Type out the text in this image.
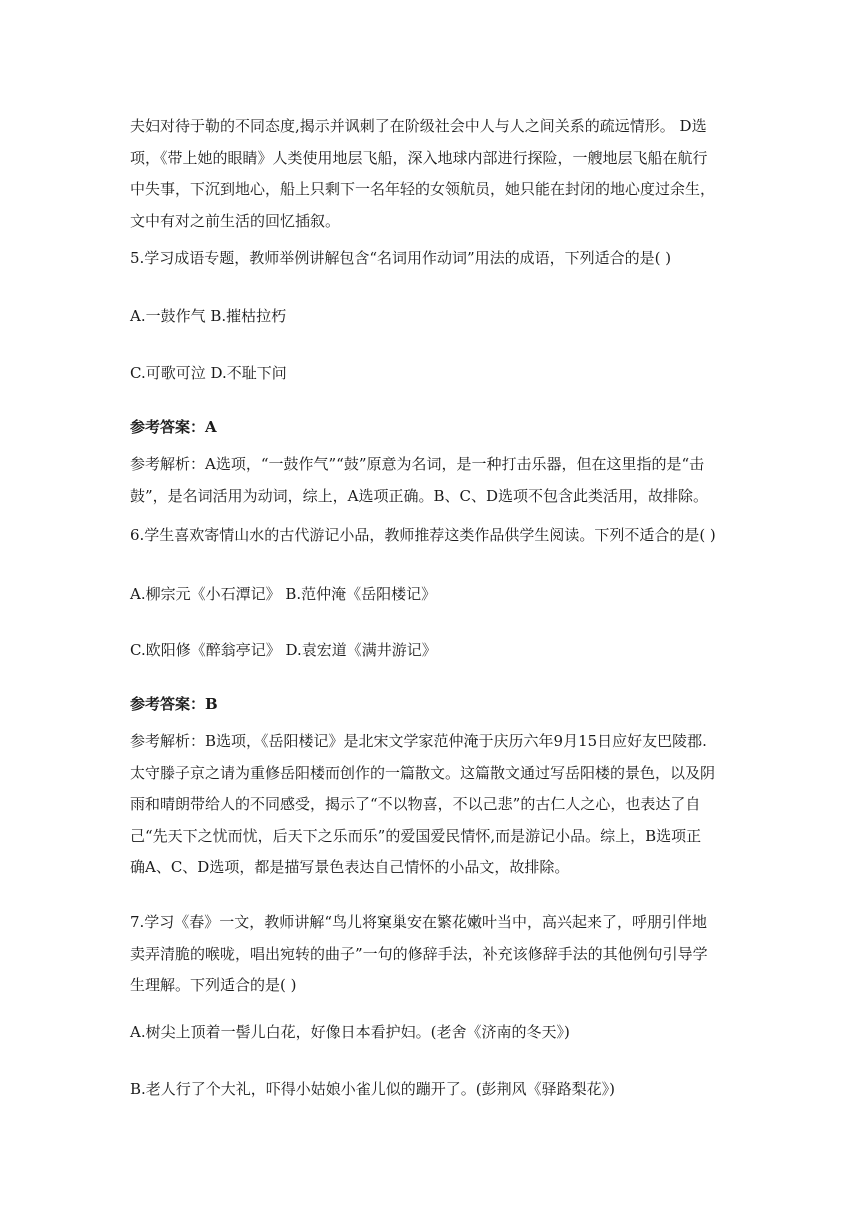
夫妇对待于勒的不同态度,揭示并讽刺了在阶级社会中人与人之间关系的疏远情形。 D选
项，《带上她的眼睛》人类使用地层飞船，深入地球内部进行探险，一艘地层飞船在航行
中失事，下沉到地心，船上只剩下一名年轻的女领航员，她只能在封闭的地心度过余生，
文中有对之前生活的回忆插叙。

5.学习成语专题，教师举例讲解包含“名词用作动词”用法的成语，下列适合的是( )

A.一鼓作气 B.摧枯拉朽

C.可歌可泣 D.不耻下问

参考答案：A

参考解析：A选项，“一鼓作气”“鼓”原意为名词，是一种打击乐器，但在这里指的是“击
鼓”，是名词活用为动词，综上，A选项正确。B、C、D选项不包含此类活用，故排除。

6.学生喜欢寄情山水的古代游记小品，教师推荐这类作品供学生阅读。下列不适合的是( )

A.柳宗元《小石潭记》 B.范仲淹《岳阳楼记》

C.欧阳修《醉翁亭记》 D.袁宏道《满井游记》

参考答案：B

参考解析：B选项，《岳阳楼记》是北宋文学家范仲淹于庆历六年9月15日应好友巴陵郡.
太守滕子京之请为重修岳阳楼而创作的一篇散文。这篇散文通过写岳阳楼的景色，以及阴
雨和晴朗带给人的不同感受，揭示了“不以物喜，不以己悲”的古仁人之心，也表达了自
己“先天下之忧而忧，后天下之乐而乐”的爱国爱民情怀,而是游记小品。综上，B选项正
确A、C、D选项，都是描写景色表达自己情怀的小品文，故排除。
7.学习《春》一文，教师讲解“鸟儿将窠巢安在繁花嫩叶当中，高兴起来了，呼朋引伴地
卖弄清脆的喉咙，唱出宛转的曲子”一句的修辞手法，补充该修辞手法的其他例句引导学
生理解。下列适合的是( )

A.树尖上顶着一髻儿白花，好像日本看护妇。(老舍《济南的冬天》)

B.老人行了个大礼，吓得小姑娘小雀儿似的蹦开了。(彭荆风《驿路梨花》)
